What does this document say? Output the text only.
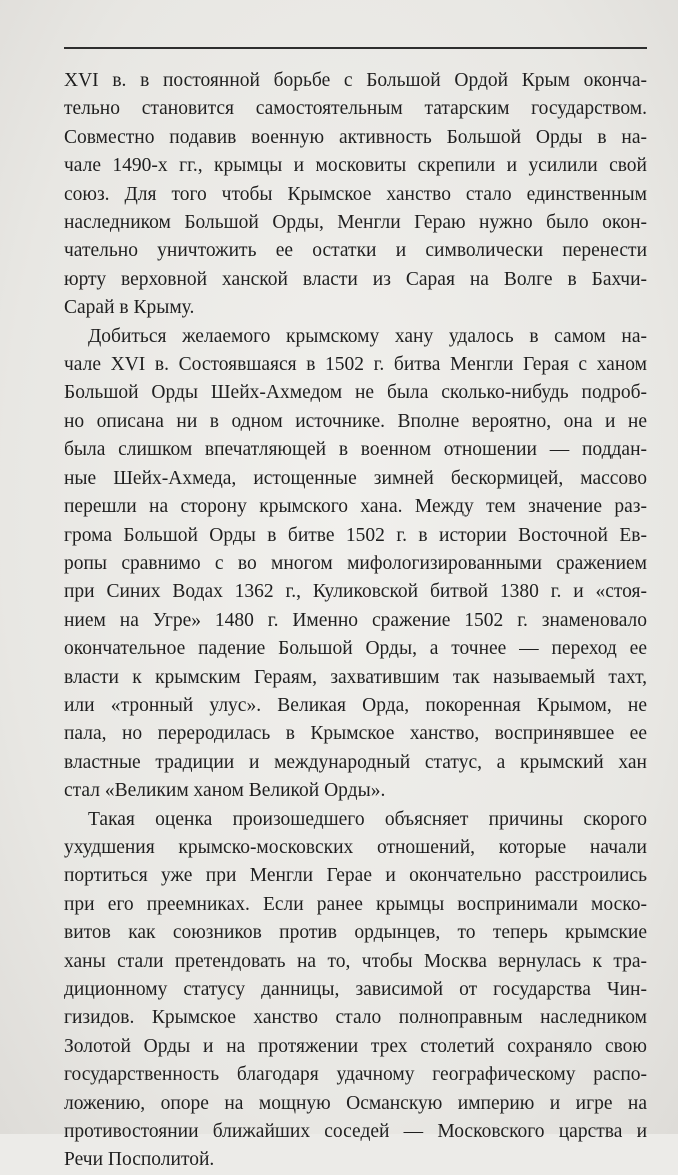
XVI в. в постоянной борьбе с Большой Ордой Крым оконча-
тельно становится самостоятельным татарским государством.
Совместно подавив военную активность Большой Орды в на-
чале 1490-х гг., крымцы и московиты скрепили и усилили свой
союз. Для того чтобы Крымское ханство стало единственным
наследником Большой Орды, Менгли Гераю нужно было окон-
чательно уничтожить ее остатки и символически перенести
юрту верховной ханской власти из Сарая на Волге в Бахчи-
Сарай в Крыму.

Добиться желаемого крымскому хану удалось в самом на-
чале XVI в. Состоявшаяся в 1502 г. битва Менгли Герая с ханом
Большой Орды Шейх-Ахмедом не была сколько-нибудь подроб-
но описана ни в одном источнике. Вполне вероятно, она и не
была слишком впечатляющей в военном отношении — поддан-
ные Шейх-Ахмеда, истощенные зимней бескормицей, массово
перешли на сторону крымского хана. Между тем значение раз-
грома Большой Орды в битве 1502 г. в истории Восточной Ев-
ропы сравнимо с во многом мифологизированными сражением
при Синих Водах 1362 г., Куликовской битвой 1380 г. и «стоя-
нием на Угре» 1480 г. Именно сражение 1502 г. знаменовало
окончательное падение Большой Орды, а точнее — переход ее
власти к крымским Гераям, захватившим так называемый тахт,
или «тронный улус». Великая Орда, покоренная Крымом, не
пала, но переродилась в Крымское ханство, воспринявшее ее
властные традиции и международный статус, а крымский хан
стал «Великим ханом Великой Орды».

Такая оценка произошедшего объясняет причины скорого
ухудшения крымско-московских отношений, которые начали
портиться уже при Менгли Герае и окончательно расстроились
при его преемниках. Если ранее крымцы воспринимали моско-
витов как союзников против ордынцев, то теперь крымские
ханы стали претендовать на то, чтобы Москва вернулась к тра-
диционному статусу данницы, зависимой от государства Чин-
гизидов. Крымское ханство стало полноправным наследником
Золотой Орды и на протяжении трех столетий сохраняло свою
государственность благодаря удачному географическому распо-
ложению, опоре на мощную Османскую империю и игре на
противостоянии ближайших соседей — Московского царства и
Речи Посполитой.
